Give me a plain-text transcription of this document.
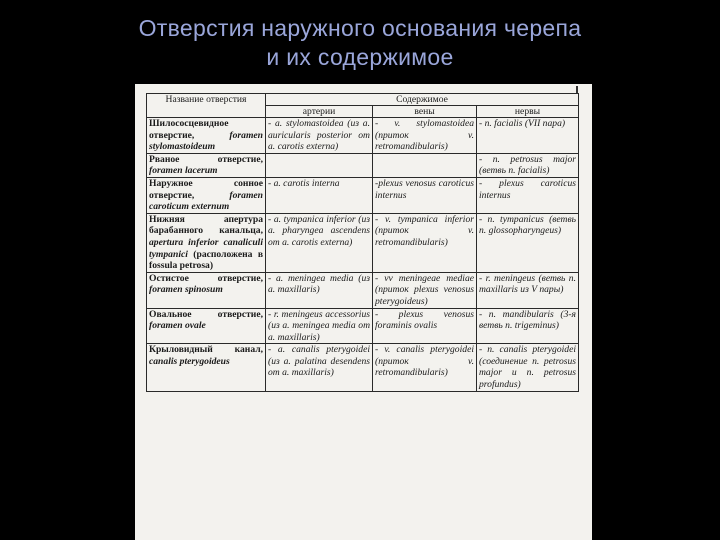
Отверстия наружного основания черепа
и их содержимое
Название отверстия	Содержимое		
	артерии	вены	нервы
Шилососцевидное отверстие, foramen stylomastoideum	- a. stylomastoidea (из a. auricularis posterior от a. carotis externa)	- v. stylomastoidea (приток v. retromandibularis)	- n. facialis (VII пара)
Рваное отверстие, foramen lacerum			- n. petrosus major (ветвь n. facialis)
Наружное сонное отверстие, foramen caroticum externum	- a. carotis interna	-plexus venosus caroticus internus	- plexus caroticus internus
Нижняя апертура барабанного канальца, apertura inferior canaliculi tympanici (расположена в fossula petrosa)	- a. tympanica inferior (из a. pharyngea ascendens от a. carotis externa)	- v. tympanica inferior (приток v. retromandibularis)	- n. tympanicus (ветвь n. glossopharyngeus)
Остистое отверстие, foramen spinosum	- a. meningea media (из a. maxillaris)	- vv meningeae mediae (приток plexus venosus pterygoideus)	- r. meningeus (ветвь n. maxillaris из V пары)
Овальное отверстие, foramen ovale	- r. meningeus accessorius (из a. meningea media от a. maxillaris)	- plexus venosus foraminis ovalis	- n. mandibularis (3-я ветвь n. trigeminus)
Крыловидный канал, canalis pterygoideus	- a. canalis pterygoidei (из a. palatina desendens от a. maxillaris)	- v. canalis pterygoidei (приток v. retromandibularis)	- n. canalis pterygoidei (соединение n. petrosus major и n. petrosus profundus)
